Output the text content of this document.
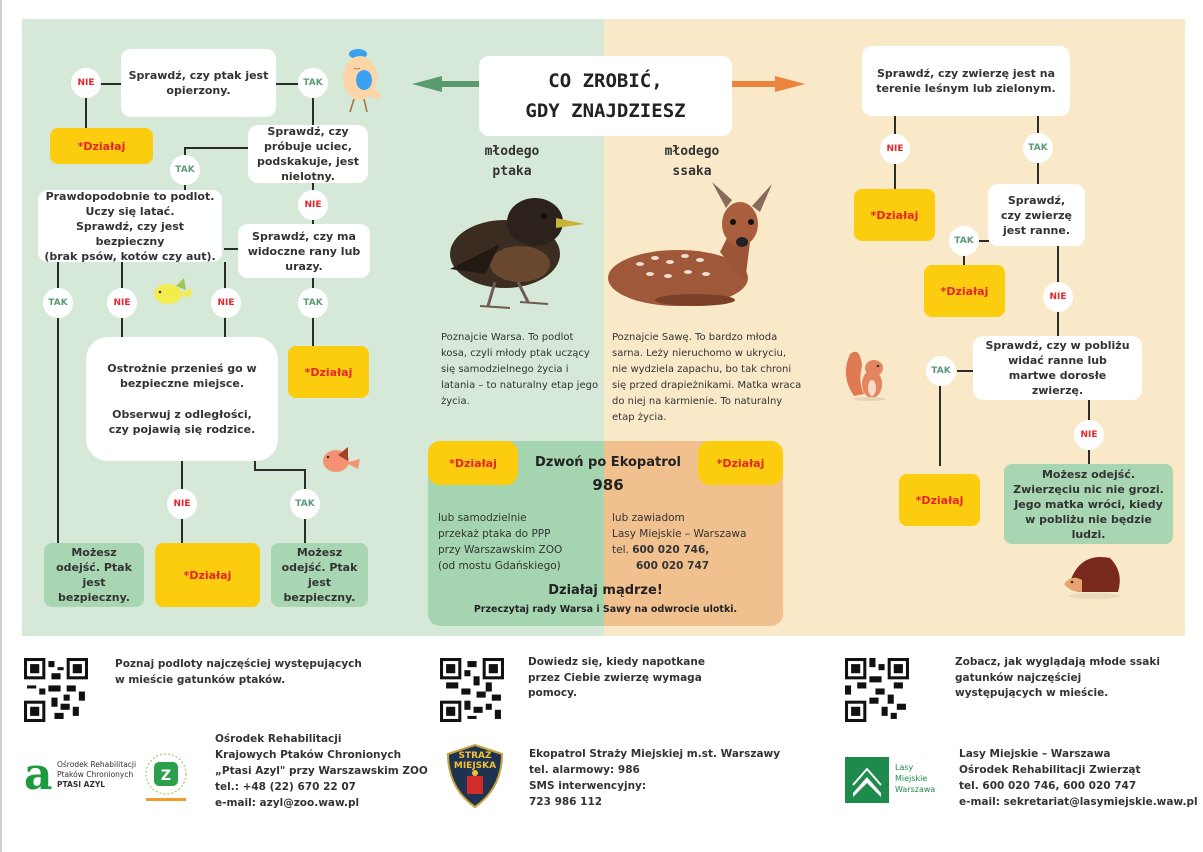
CO ZROBIĆ,
GDY ZNAJDZIESZ
młodego
ptaka
młodego
ssaka
Sprawdź, czy ptak jest opierzony.
NIE	TAK
*Działaj
Sprawdź, czy próbuje uciec, podskakuje, jest nielotny.
TAK
NIE
Prawdopodobnie to podlot.
Uczy się latać.
Sprawdź, czy jest bezpieczny
(brak psów, kotów czy aut).
Sprawdź, czy ma widoczne rany lub urazy.
TAK	NIE	NIE	TAK
*Działaj
Ostrożnie przenieś go w bezpieczne miejsce.
Obserwuj z odległości, czy pojawią się rodzice.
NIE	TAK
Możesz odejść. Ptak jest bezpieczny.
*Działaj
Możesz odejść. Ptak jest bezpieczny.
Poznajcie Warsa. To podlot kosa, czyli młody ptak uczący się samodzielnego życia i latania – to naturalny etap jego życia.
Poznajcie Sawę. To bardzo młoda sarna. Leży nieruchomo w ukryciu, nie wydziela zapachu, bo tak chroni się przed drapieżnikami. Matka wraca do niej na karmienie. To naturalny etap życia.
*Działaj	*Działaj
Dzwoń po Ekopatrol
986
lub samodzielnie
przekaż ptaka do PPP
przy Warszawskim ZOO
(od mostu Gdańskiego)
lub zawiadom
Lasy Miejskie – Warszawa
tel. 600 020 746,
600 020 747
Działaj mądrze!
Przeczytaj rady Warsa i Sawy na odwrocie ulotki.
Sprawdź, czy zwierzę jest na terenie leśnym lub zielonym.
NIE	TAK
*Działaj
Sprawdź, czy zwierzę jest ranne.
TAK
*Działaj	NIE
Sprawdź, czy w pobliżu widać ranne lub martwe dorosłe zwierzę.
TAK
NIE
*Działaj
Możesz odejść. Zwierzęciu nic nie grozi. Jego matka wróci, kiedy w pobliżu nie będzie ludzi.
Poznaj podloty najczęściej występujących w mieście gatunków ptaków.
Dowiedz się, kiedy napotkane przez Ciebie zwierzę wymaga pomocy.
Zobacz, jak wyglądają młode ssaki gatunków najczęściej występujących w mieście.
a Ośrodek Rehabilitacji
Ptaków Chronionych
PTASI AZYL
Z
Ośrodek Rehabilitacji
Krajowych Ptaków Chronionych
„Ptasi Azyl" przy Warszawskim ZOO
tel.: +48 (22) 670 22 07
e-mail: azyl@zoo.waw.pl
STRAŻ MIEJSKA
Ekopatrol Straży Miejskiej m.st. Warszawy
tel. alarmowy: 986
SMS interwencyjny:
723 986 112
Lasy
Miejskie
Warszawa
Lasy Miejskie – Warszawa
Ośrodek Rehabilitacji Zwierząt
tel. 600 020 746, 600 020 747
e-mail: sekretariat@lasymiejskie.waw.pl
